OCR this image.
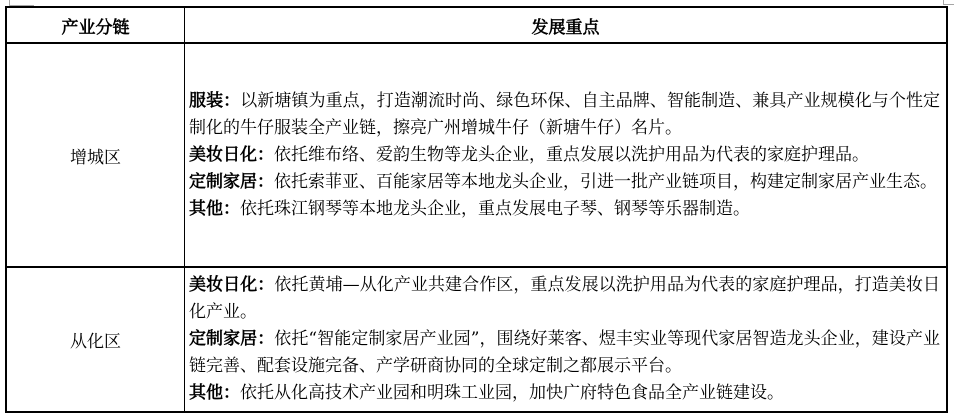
产业分链	发展重点
增城区

服装：以新塘镇为重点，打造潮流时尚、绿色环保、自主品牌、智能制造、兼具产业规模化与个性定制化的牛仔服装全产业链，擦亮广州增城牛仔（新塘牛仔）名片。

美妆日化：依托维布络、爱韵生物等龙头企业，重点发展以洗护用品为代表的家庭护理品。

定制家居：依托索菲亚、百能家居等本地龙头企业，引进一批产业链项目，构建定制家居产业生态。

其他：依托珠江钢琴等本地龙头企业，重点发展电子琴、钢琴等乐器制造。

从化区

美妆日化：依托黄埔—从化产业共建合作区，重点发展以洗护用品为代表的家庭护理品，打造美妆日化产业。

定制家居：依托“智能定制家居产业园”，围绕好莱客、煜丰实业等现代家居智造龙头企业，建设产业链完善、配套设施完备、产学研商协同的全球定制之都展示平台。

其他：依托从化高技术产业园和明珠工业园，加快广府特色食品全产业链建设。
